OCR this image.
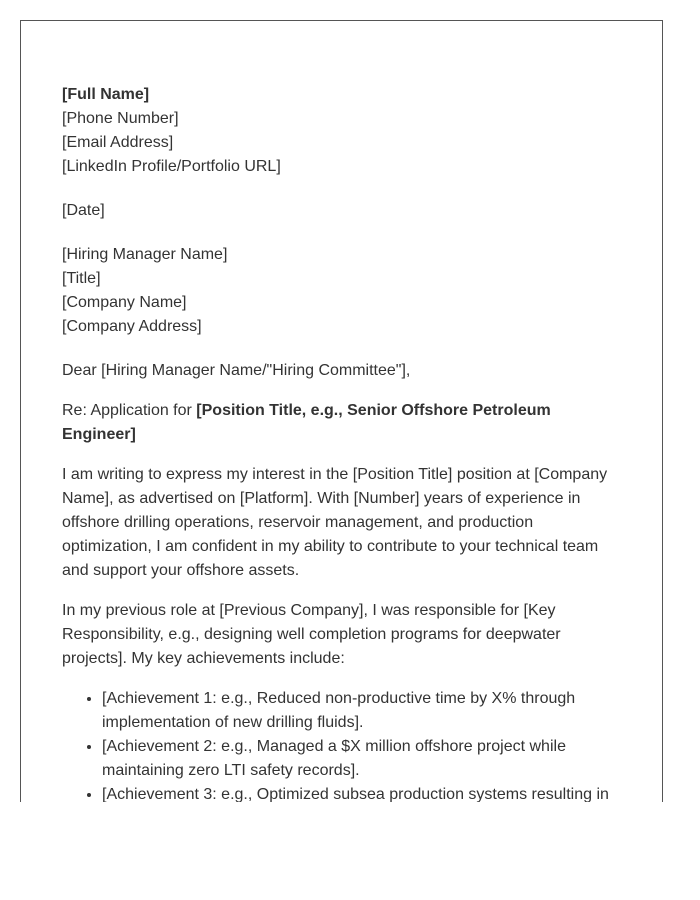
[Full Name]
[Phone Number]
[Email Address]
[LinkedIn Profile/Portfolio URL]
[Date]
[Hiring Manager Name]
[Title]
[Company Name]
[Company Address]
Dear [Hiring Manager Name/"Hiring Committee"],

Re: Application for [Position Title, e.g., Senior Offshore Petroleum Engineer]

I am writing to express my interest in the [Position Title] position at [Company Name], as advertised on [Platform]. With [Number] years of experience in offshore drilling operations, reservoir management, and production optimization, I am confident in my ability to contribute to your technical team and support your offshore assets.

In my previous role at [Previous Company], I was responsible for [Key Responsibility, e.g., designing well completion programs for deepwater projects]. My key achievements include:

• [Achievement 1: e.g., Reduced non-productive time by X% through implementation of new drilling fluids].
• [Achievement 2: e.g., Managed a $X million offshore project while maintaining zero LTI safety records].
• [Achievement 3: e.g., Optimized subsea production systems resulting in
